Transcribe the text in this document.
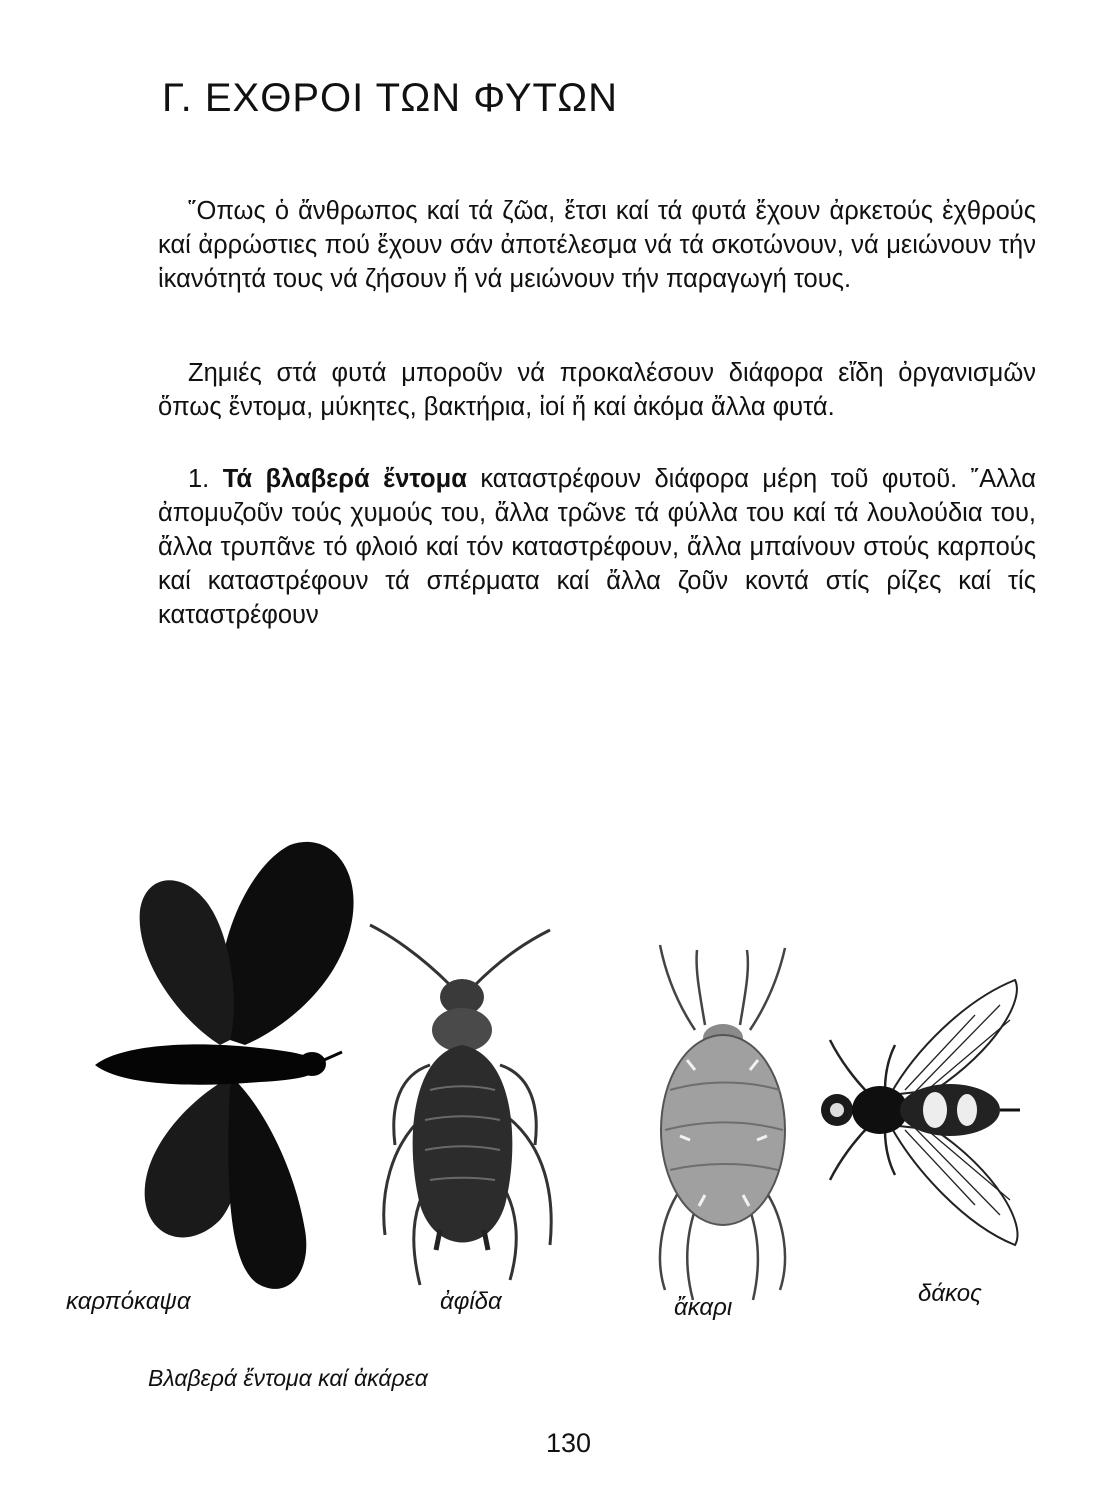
Γ. ΕΧΘΡΟΙ ΤΩΝ ΦΥΤΩΝ

῞Οπως ὁ ἄνθρωπος καί τά ζῶα, ἔτσι καί τά φυτά ἔχουν ἀρκετούς ἐχθρούς καί ἀρρώστιες πού ἔχουν σάν ἀποτέλεσμα νά τά σκοτώνουν, νά μειώνουν τήν ἱκανότητά τους νά ζήσουν ἤ νά μειώνουν τήν παραγωγή τους.

Ζημιές στά φυτά μποροῦν νά προκαλέσουν διάφορα εἴδη ὀργανισμῶν ὅπως ἔντομα, μύκητες, βακτήρια, ἰοί ἤ καί ἀκόμα ἄλλα φυτά.

1. Τά βλαβερά ἔντομα καταστρέφουν διάφορα μέρη τοῦ φυτοῦ. ῎Αλλα ἀπομυζοῦν τούς χυμούς του, ἄλλα τρῶνε τά φύλλα του καί τά λουλούδια του, ἄλλα τρυπᾶνε τό φλοιό καί τόν καταστρέφουν, ἄλλα μπαίνουν στούς καρπούς καί καταστρέφουν τά σπέρματα καί ἄλλα ζοῦν κοντά στίς ρίζες καί τίς καταστρέφουν

καρπόκαψα	ἀφίδα	ἄκαρι
δάκος
Βλαβερά ἔντομα καί ἀκάρεα
130
